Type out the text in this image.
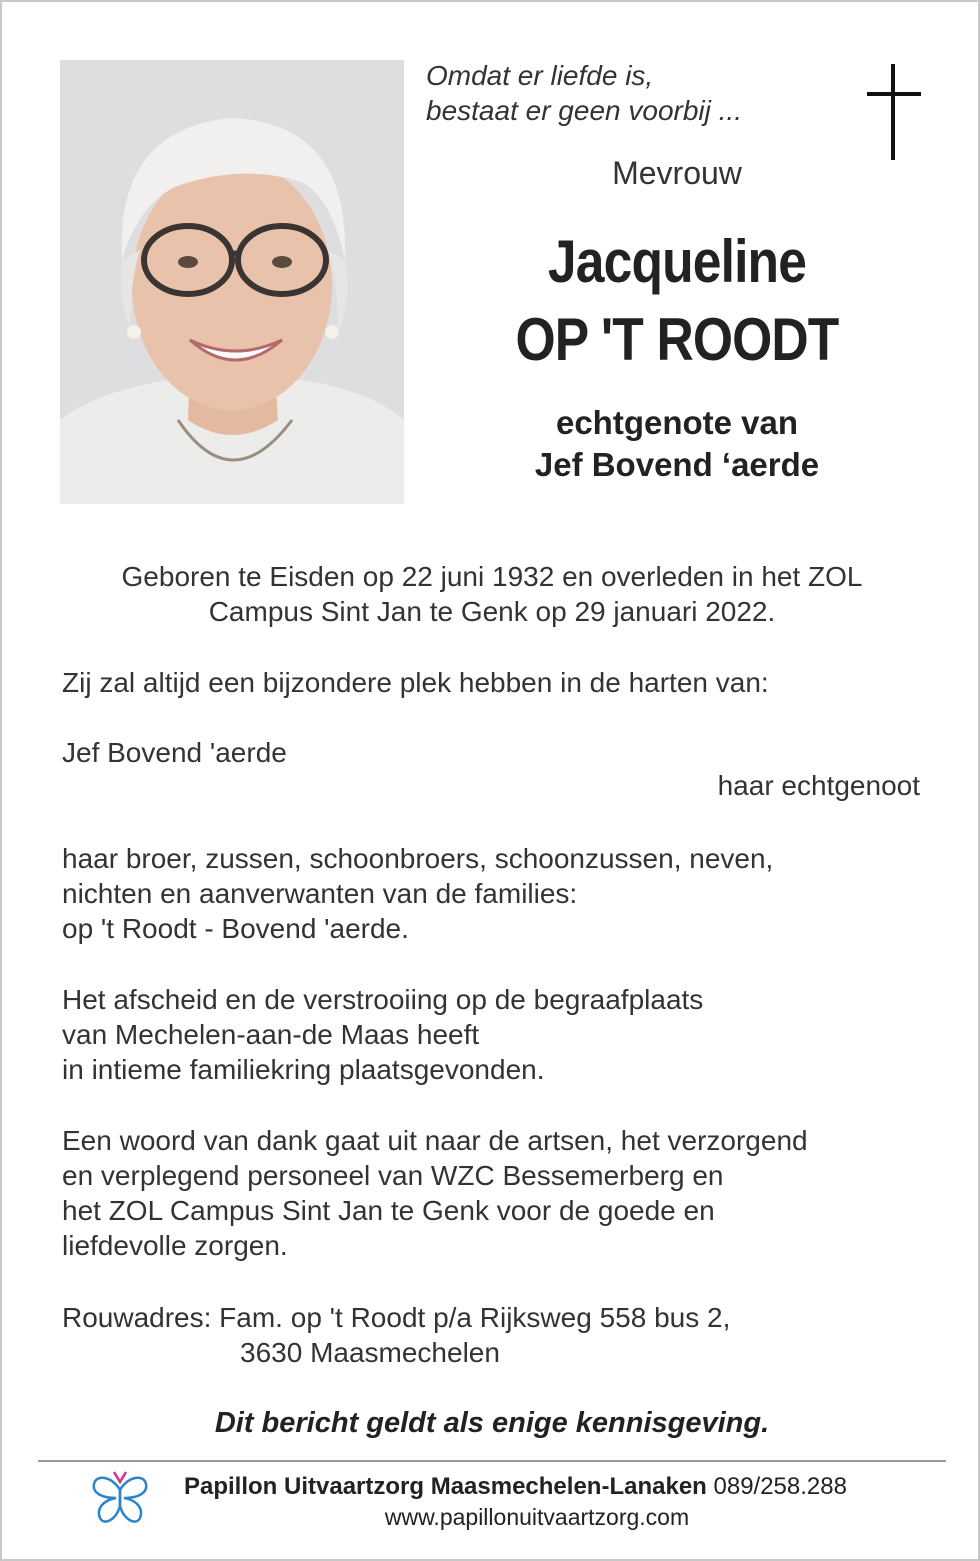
Omdat er liefde is,
bestaat er geen voorbij ...
Mevrouw
Jacqueline
OP 'T ROODT
echtgenote van
Jef Bovend ‘aerde
Geboren te Eisden op 22 juni 1932 en overleden in het ZOL
Campus Sint Jan te Genk op 29 januari 2022.
Zij zal altijd een bijzondere plek hebben in de harten van:
Jef Bovend 'aerde
haar echtgenoot
haar broer, zussen, schoonbroers, schoonzussen, neven,
nichten en aanverwanten van de families:
op 't Roodt - Bovend 'aerde.
Het afscheid en de verstrooiing op de begraafplaats
van Mechelen-aan-de Maas heeft
in intieme familiekring plaatsgevonden.
Een woord van dank gaat uit naar de artsen, het verzorgend
en verplegend personeel van WZC Bessemerberg en
het ZOL Campus Sint Jan te Genk voor de goede en
liefdevolle zorgen.
Rouwadres: Fam. op 't Roodt p/a Rijksweg 558 bus 2,
3630 Maasmechelen
Dit bericht geldt als enige kennisgeving.
Papillon Uitvaartzorg Maasmechelen-Lanaken 089/258.288
www.papillonuitvaartzorg.com
